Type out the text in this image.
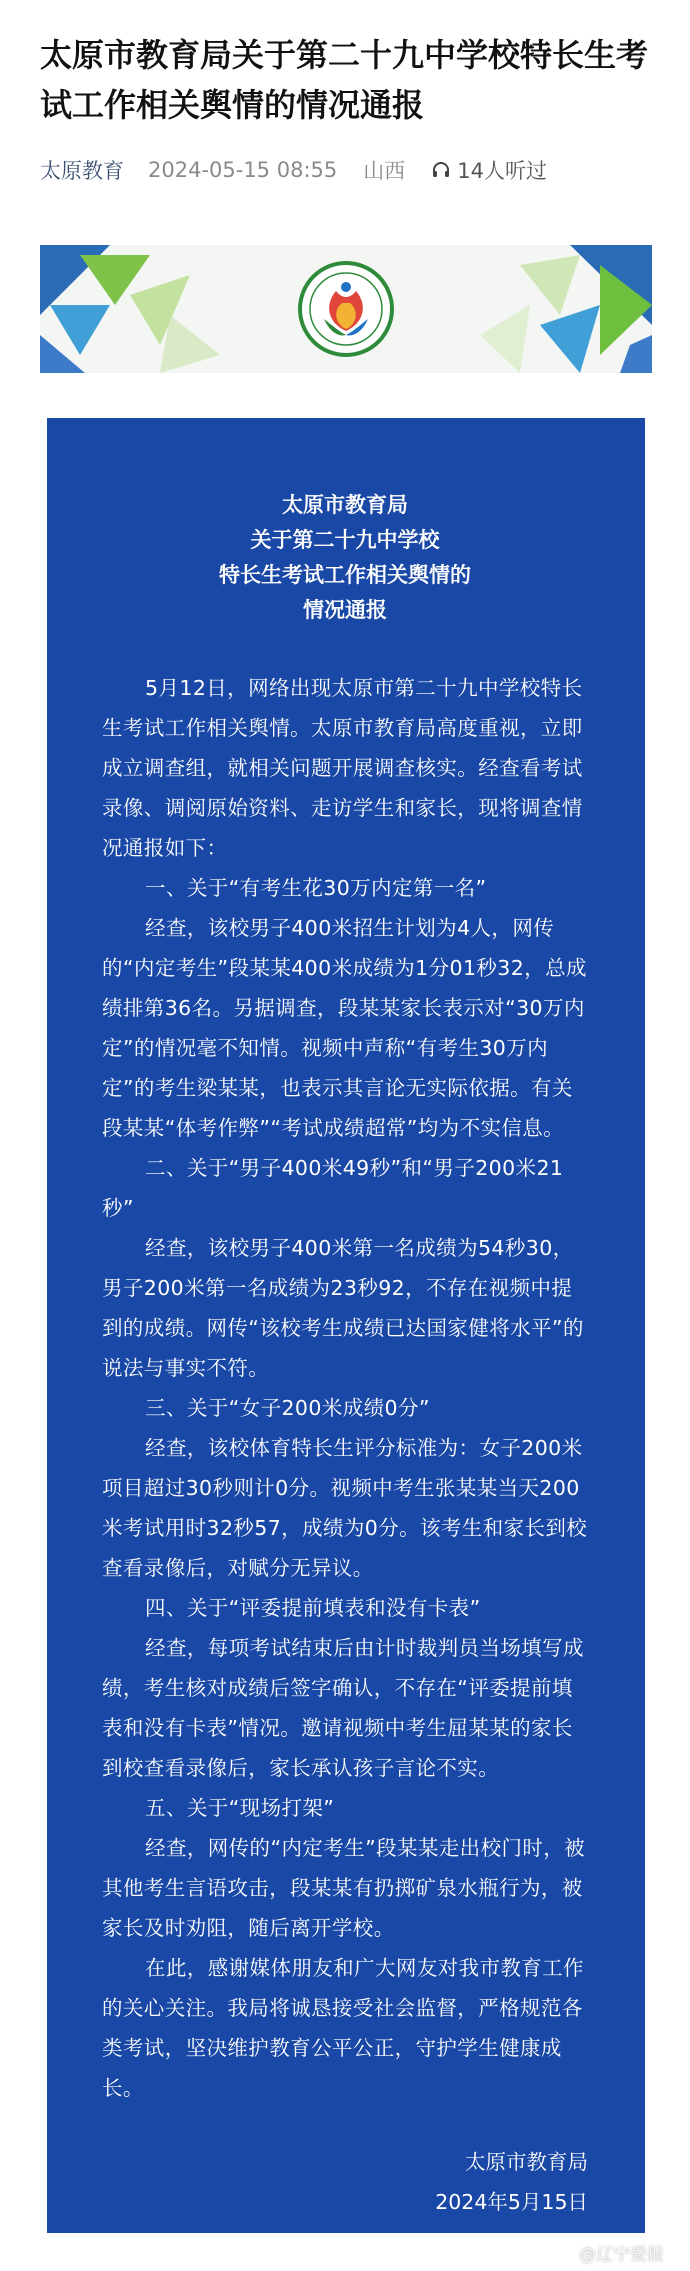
太原市教育局关于第二十九中学校特长生考试工作相关舆情的情况通报
太原教育 2024-05-15 08:55 山西 14人听过
太原市教育局
关于第二十九中学校
特长生考试工作相关舆情的
情况通报

5月12日，网络出现太原市第二十九中学校特长生考试工作相关舆情。太原市教育局高度重视，立即成立调查组，就相关问题开展调查核实。经查看考试录像、调阅原始资料、走访学生和家长，现将调查情况通报如下：

一、关于“有考生花30万内定第一名”

经查，该校男子400米招生计划为4人，网传的“内定考生”段某某400米成绩为1分01秒32，总成绩排第36名。另据调查，段某某家长表示对“30万内定”的情况毫不知情。视频中声称“有考生30万内定”的考生梁某某，也表示其言论无实际依据。有关段某某“体考作弊”“考试成绩超常”均为不实信息。

二、关于“男子400米49秒”和“男子200米21秒”

经查，该校男子400米第一名成绩为54秒30，男子200米第一名成绩为23秒92，不存在视频中提到的成绩。网传“该校考生成绩已达国家健将水平”的说法与事实不符。

三、关于“女子200米成绩0分”

经查，该校体育特长生评分标准为：女子200米项目超过30秒则计0分。视频中考生张某某当天200米考试用时32秒57，成绩为0分。该考生和家长到校查看录像后，对赋分无异议。

四、关于“评委提前填表和没有卡表”

经查，每项考试结束后由计时裁判员当场填写成绩，考生核对成绩后签字确认，不存在“评委提前填表和没有卡表”情况。邀请视频中考生屈某某的家长到校查看录像后，家长承认孩子言论不实。

五、关于“现场打架”

经查，网传的“内定考生”段某某走出校门时，被其他考生言语攻击，段某某有扔掷矿泉水瓶行为，被家长及时劝阻，随后离开学校。

在此，感谢媒体朋友和广大网友对我市教育工作的关心关注。我局将诚恳接受社会监督，严格规范各类考试，坚决维护教育公平公正，守护学生健康成长。

太原市教育局
2024年5月15日
@辽宁爱报
